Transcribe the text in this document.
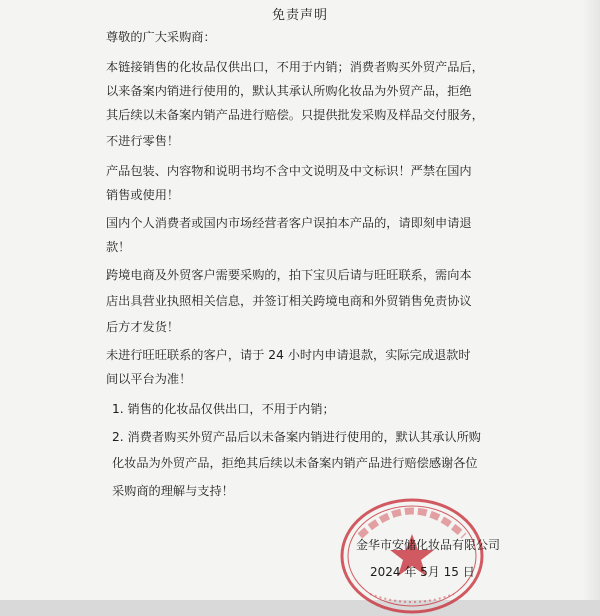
免责声明
尊敬的广大采购商：
本链接销售的化妆品仅供出口，不用于内销；消费者购买外贸产品后，
以来备案内销进行使用的，默认其承认所购化妆品为外贸产品，拒绝
其后续以未备案内销产品进行赔偿。只提供批发采购及样品交付服务，
不进行零售！
产品包装、内容物和说明书均不含中文说明及中文标识！严禁在国内
销售或使用！
国内个人消费者或国内市场经营者客户误拍本产品的，请即刻申请退
款！
跨境电商及外贸客户需要采购的，拍下宝贝后请与旺旺联系，需向本
店出具营业执照相关信息，并签订相关跨境电商和外贸销售免责协议
后方才发货！
未进行旺旺联系的客户，请于 24 小时内申请退款，实际完成退款时
间以平台为准！
1. 销售的化妆品仅供出口，不用于内销；
2. 消费者购买外贸产品后以未备案内销进行使用的，默认其承认所购
化妆品为外贸产品，拒绝其后续以未备案内销产品进行赔偿感谢各位
采购商的理解与支持！
金华市安储化妆品有限公司
2024 年 5月 15 日
